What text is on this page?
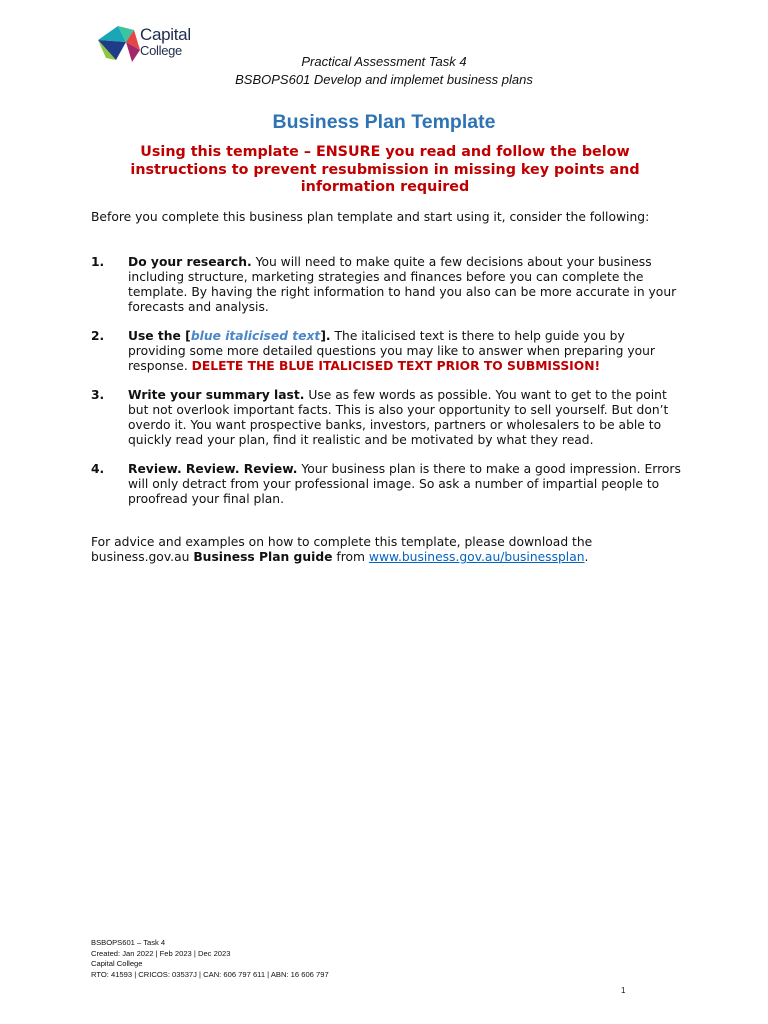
Capital
College
Practical Assessment Task 4
BSBOPS601 Develop and implemet business plans
Business Plan Template
Using this template – ENSURE you read and follow the below instructions to prevent resubmission in missing key points and information required
Before you complete this business plan template and start using it, consider the following:
1. Do your research. You will need to make quite a few decisions about your business including structure, marketing strategies and finances before you can complete the template. By having the right information to hand you also can be more accurate in your forecasts and analysis.
2. Use the [blue italicised text]. The italicised text is there to help guide you by providing some more detailed questions you may like to answer when preparing your response. DELETE THE BLUE ITALICISED TEXT PRIOR TO SUBMISSION!
3. Write your summary last. Use as few words as possible. You want to get to the point but not overlook important facts. This is also your opportunity to sell yourself. But don’t overdo it. You want prospective banks, investors, partners or wholesalers to be able to quickly read your plan, find it realistic and be motivated by what they read.
4. Review. Review. Review. Your business plan is there to make a good impression. Errors will only detract from your professional image. So ask a number of impartial people to proofread your final plan.
For advice and examples on how to complete this template, please download the business.gov.au Business Plan guide from www.business.gov.au/businessplan.
BSBOPS601 – Task 4
Created: Jan 2022 | Feb 2023 | Dec 2023
Capital College
RTO: 41593 | CRICOS: 03537J | CAN: 606 797 611 | ABN: 16 606 797
1
